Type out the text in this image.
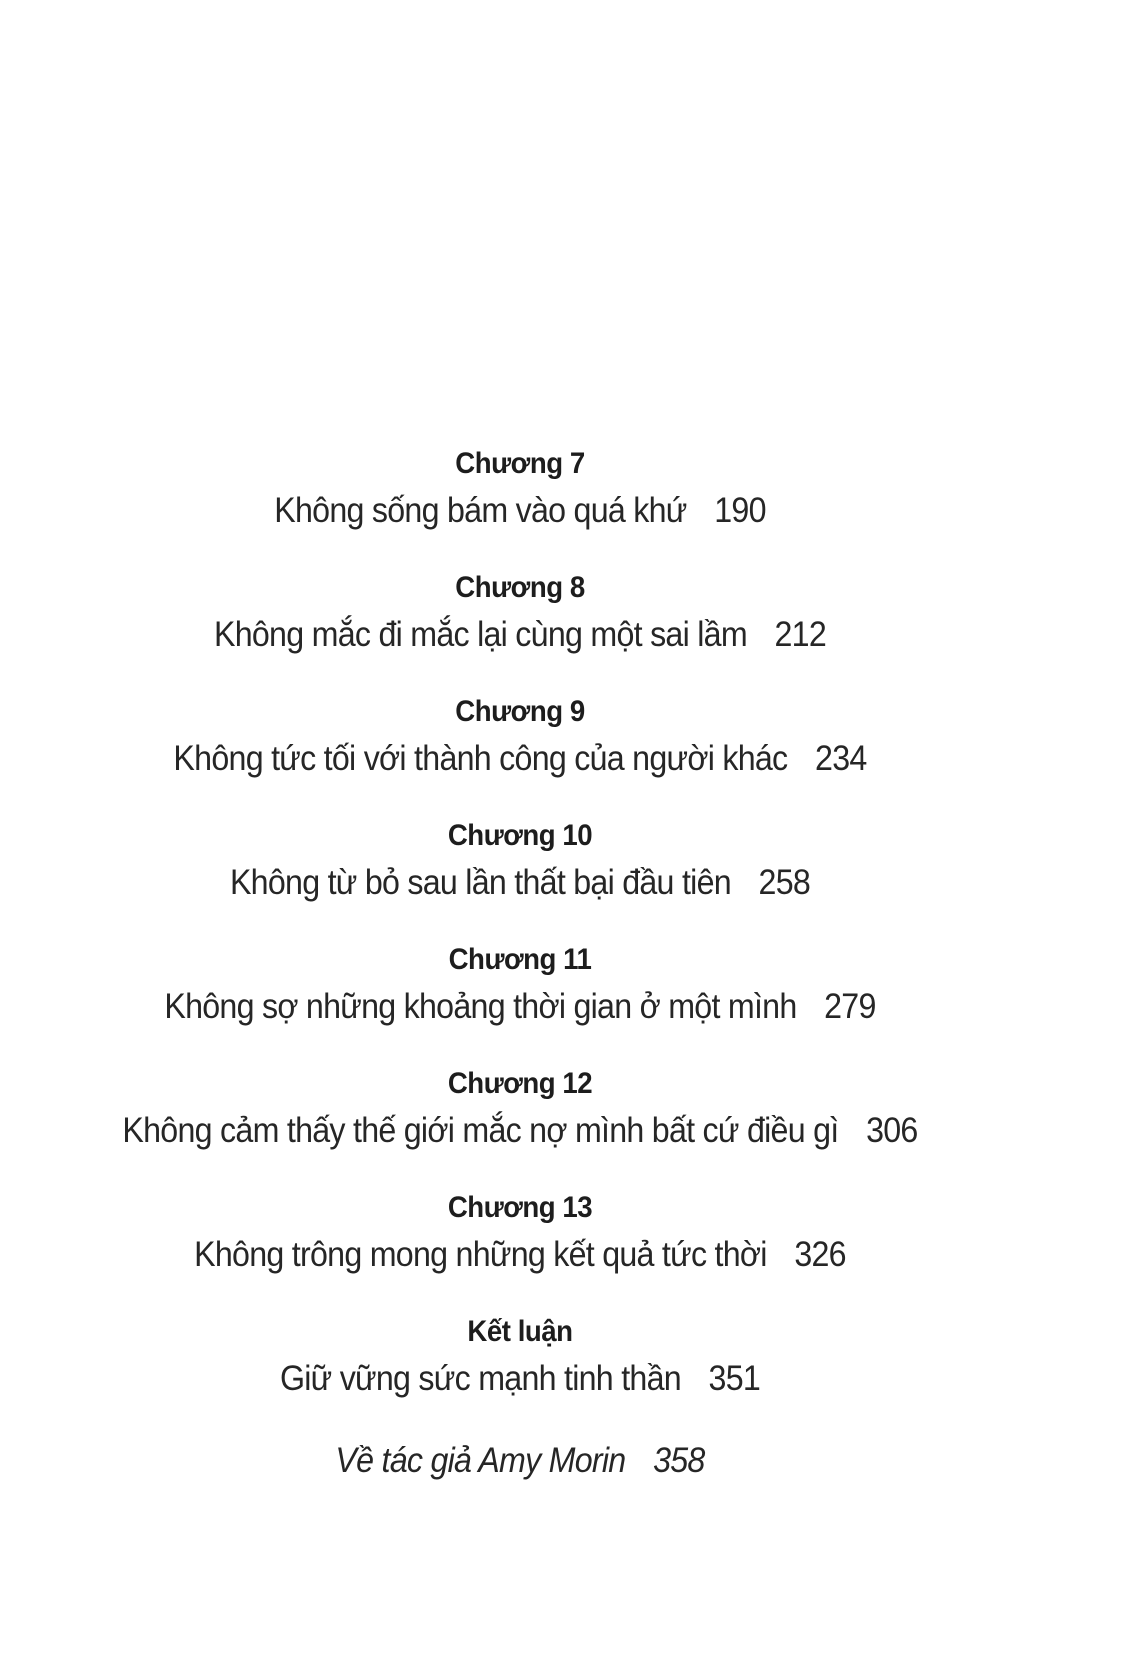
Chương 7
Không sống bám vào quá khứ 190
Chương 8
Không mắc đi mắc lại cùng một sai lầm 212
Chương 9
Không tức tối với thành công của người khác 234
Chương 10
Không từ bỏ sau lần thất bại đầu tiên 258
Chương 11
Không sợ những khoảng thời gian ở một mình 279
Chương 12
Không cảm thấy thế giới mắc nợ mình bất cứ điều gì 306
Chương 13
Không trông mong những kết quả tức thời 326
Kết luận
Giữ vững sức mạnh tinh thần 351
Về tác giả Amy Morin 358
